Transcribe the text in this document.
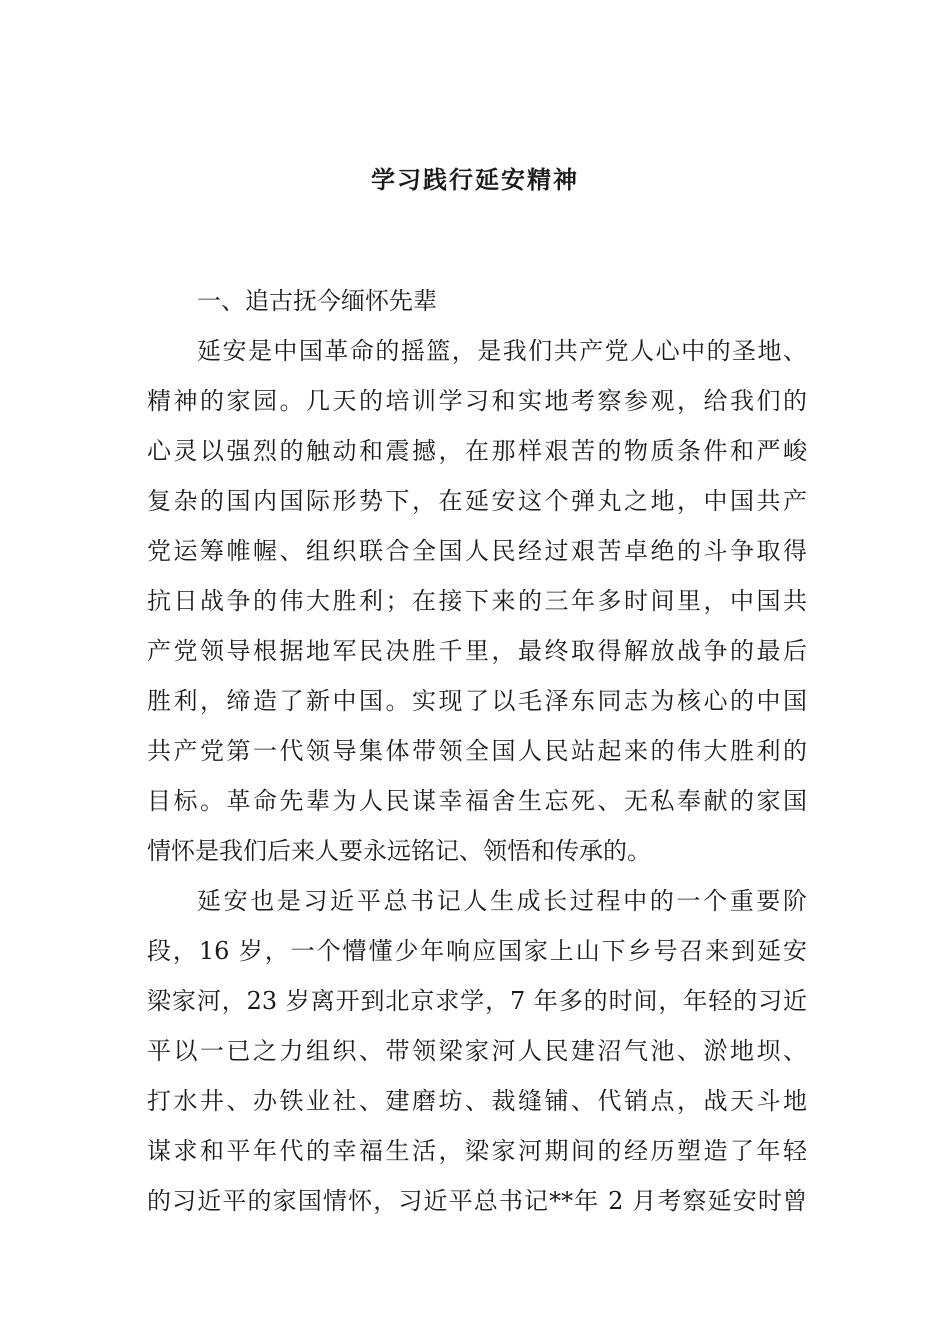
学习践行延安精神
一、追古抚今缅怀先辈
延安是中国革命的摇篮，是我们共产党人心中的圣地、
精神的家园。几天的培训学习和实地考察参观，给我们的
心灵以强烈的触动和震撼，在那样艰苦的物质条件和严峻
复杂的国内国际形势下，在延安这个弹丸之地，中国共产
党运筹帷幄、组织联合全国人民经过艰苦卓绝的斗争取得
抗日战争的伟大胜利；在接下来的三年多时间里，中国共
产党领导根据地军民决胜千里，最终取得解放战争的最后
胜利，缔造了新中国。实现了以毛泽东同志为核心的中国
共产党第一代领导集体带领全国人民站起来的伟大胜利的
目标。革命先辈为人民谋幸福舍生忘死、无私奉献的家国
情怀是我们后来人要永远铭记、领悟和传承的。
延安也是习近平总书记人生成长过程中的一个重要阶
段，16 岁，一个懵懂少年响应国家上山下乡号召来到延安
梁家河，23 岁离开到北京求学，7 年多的时间，年轻的习近
平以一已之力组织、带领梁家河人民建沼气池、淤地坝、
打水井、办铁业社、建磨坊、裁缝铺、代销点，战天斗地
谋求和平年代的幸福生活，梁家河期间的经历塑造了年轻
的习近平的家国情怀，习近平总书记**年 2 月考察延安时曾
